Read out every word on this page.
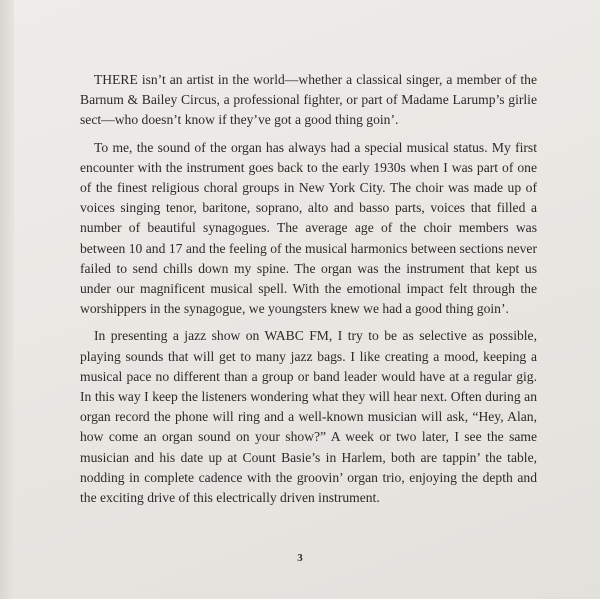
THERE isn’t an artist in the world—whether a classical singer, a member of the Barnum & Bailey Circus, a professional fighter, or part of Madame Larump’s girlie sect—who doesn’t know if they’ve got a good thing goin’.

To me, the sound of the organ has always had a special musical status. My first encounter with the instrument goes back to the early 1930s when I was part of one of the finest religious choral groups in New York City. The choir was made up of voices singing tenor, baritone, soprano, alto and basso parts, voices that filled a number of beautiful synagogues. The average age of the choir members was between 10 and 17 and the feeling of the musical harmonics between sections never failed to send chills down my spine. The organ was the instrument that kept us under our magnificent musical spell. With the emotional impact felt through the worshippers in the synagogue, we youngsters knew we had a good thing goin’.

In presenting a jazz show on WABC FM, I try to be as selective as possible, playing sounds that will get to many jazz bags. I like creating a mood, keeping a musical pace no different than a group or band leader would have at a regular gig. In this way I keep the listeners wondering what they will hear next. Often during an organ record the phone will ring and a well-known musician will ask, “Hey, Alan, how come an organ sound on your show?” A week or two later, I see the same musician and his date up at Count Basie’s in Harlem, both are tappin’ the table, nodding in complete cadence with the groovin’ organ trio, enjoying the depth and the exciting drive of this electrically driven instrument.

3
